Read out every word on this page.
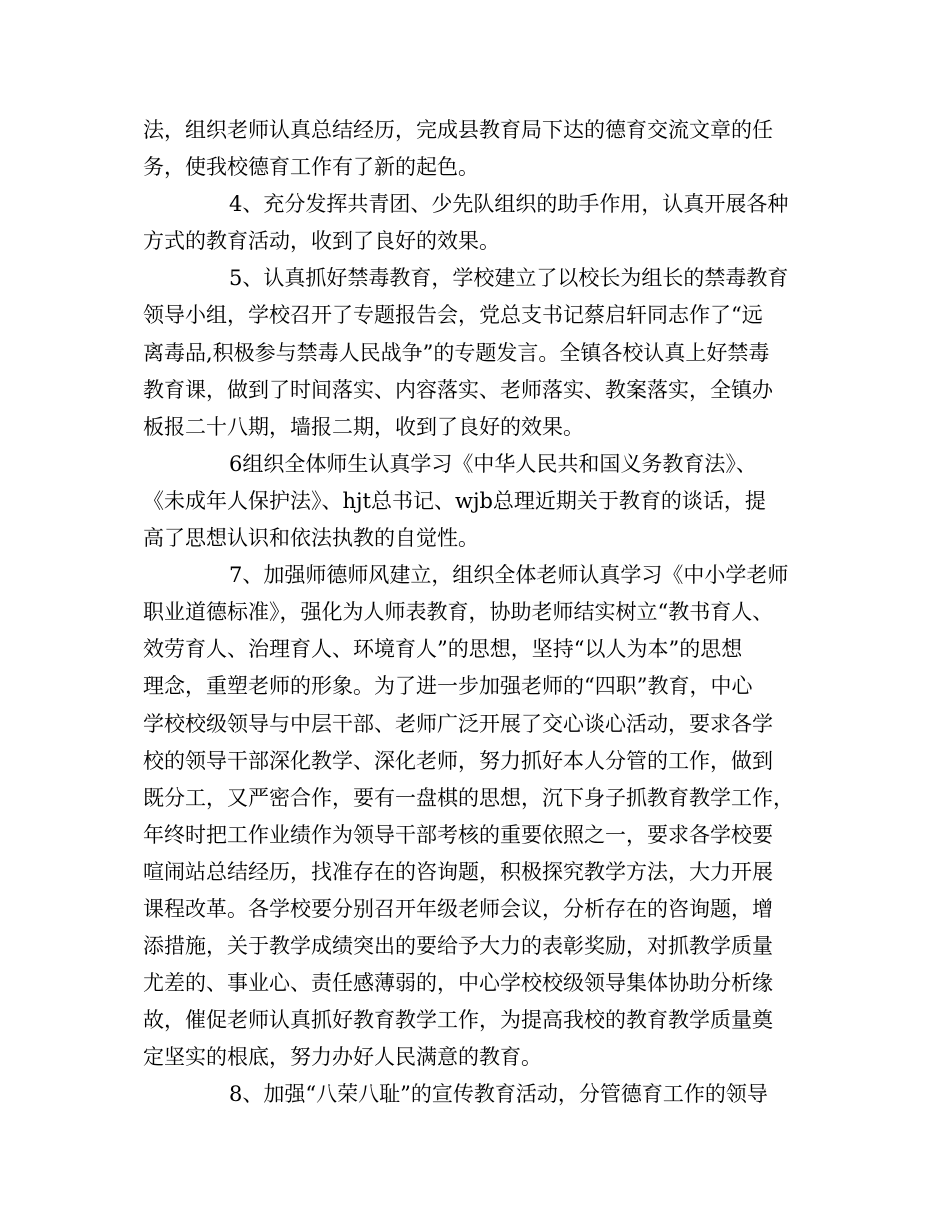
法，组织老师认真总结经历，完成县教育局下达的德育交流文章的任
务，使我校德育工作有了新的起色。
4、充分发挥共青团、少先队组织的助手作用，认真开展各种
方式的教育活动，收到了良好的效果。
5、认真抓好禁毒教育，学校建立了以校长为组长的禁毒教育
领导小组，学校召开了专题报告会，党总支书记蔡启轩同志作了“远
离毒品,积极参与禁毒人民战争”的专题发言。全镇各校认真上好禁毒
教育课，做到了时间落实、内容落实、老师落实、教案落实，全镇办
板报二十八期，墙报二期，收到了良好的效果。
6组织全体师生认真学习《中华人民共和国义务教育法》、
《未成年人保护法》、hjt总书记、wjb总理近期关于教育的谈话，提
高了思想认识和依法执教的自觉性。
7、加强师德师风建立，组织全体老师认真学习《中小学老师
职业道德标准》，强化为人师表教育，协助老师结实树立“教书育人、
效劳育人、治理育人、环境育人”的思想，坚持“以人为本”的思想
理念，重塑老师的形象。为了进一步加强老师的“四职”教育，中心
学校校级领导与中层干部、老师广泛开展了交心谈心活动，要求各学
校的领导干部深化教学、深化老师，努力抓好本人分管的工作，做到
既分工，又严密合作，要有一盘棋的思想，沉下身子抓教育教学工作，
年终时把工作业绩作为领导干部考核的重要依照之一，要求各学校要
喧闹站总结经历，找准存在的咨询题，积极探究教学方法，大力开展
课程改革。各学校要分别召开年级老师会议，分析存在的咨询题，增
添措施，关于教学成绩突出的要给予大力的表彰奖励，对抓教学质量
尤差的、事业心、责任感薄弱的，中心学校校级领导集体协助分析缘
故，催促老师认真抓好教育教学工作，为提高我校的教育教学质量奠
定坚实的根底，努力办好人民满意的教育。
8、加强“八荣八耻”的宣传教育活动，分管德育工作的领导
